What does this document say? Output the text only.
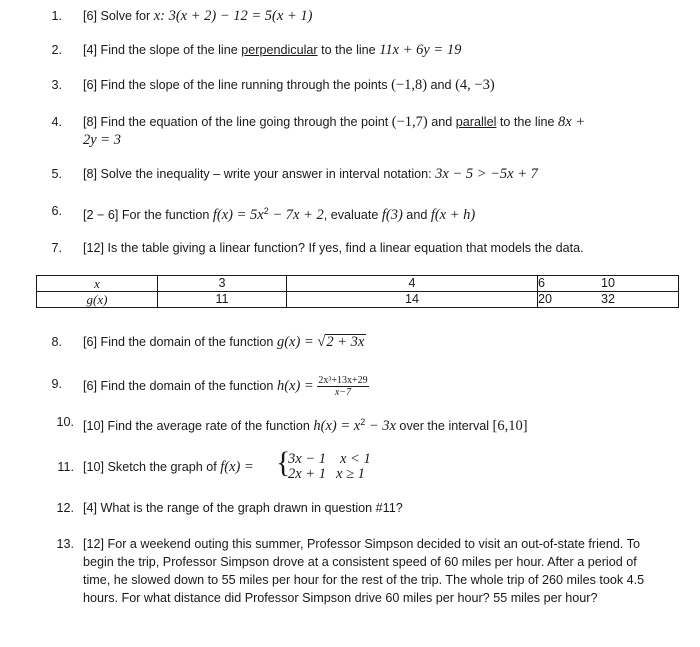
1. [6] Solve for x: 3(x + 2) − 12 = 5(x + 1)
2. [4] Find the slope of the line perpendicular to the line 11x + 6y = 19
3. [6] Find the slope of the line running through the points (−1,8) and (4, −3)
4. [8] Find the equation of the line going through the point (−1,7) and parallel to the line 8x +
2y = 3
5. [8] Solve the inequality – write your answer in interval notation: 3x − 5 > −5x + 7
6. [2 − 6] For the function $f(x) = 5x^2 - 7x + 2$, evaluate f(3) and f(x + h)
7. [12] Is the table giving a linear function? If yes, find a linear equation that models the data.
x	3	4	6	10
g(x)	11	14	20	32
8. [6] Find the domain of the function g(x) = √2 + 3x
9. [6] Find the domain of the function $h(x) = \frac{\text{2x³+13x+29}}{x-7}$
10. [10] Find the average rate of the function $h(x) = x^2 - 3x$ over the interval [6,10]
11. [10] Sketch the graph of f(x) = {
3x − 1 x < 1
2x + 1 x ≥ 1
12. [4] What is the range of the graph drawn in question #11?
13. [12] For a weekend outing this summer, Professor Simpson decided to visit an out-of-state friend. To begin the trip, Professor Simpson drove at a consistent speed of 60 miles per hour. After a period of time, he slowed down to 55 miles per hour for the rest of the trip. The whole trip of 260 miles took 4.5 hours. For what distance did Professor Simpson drive 60 miles per hour? 55 miles per hour?
